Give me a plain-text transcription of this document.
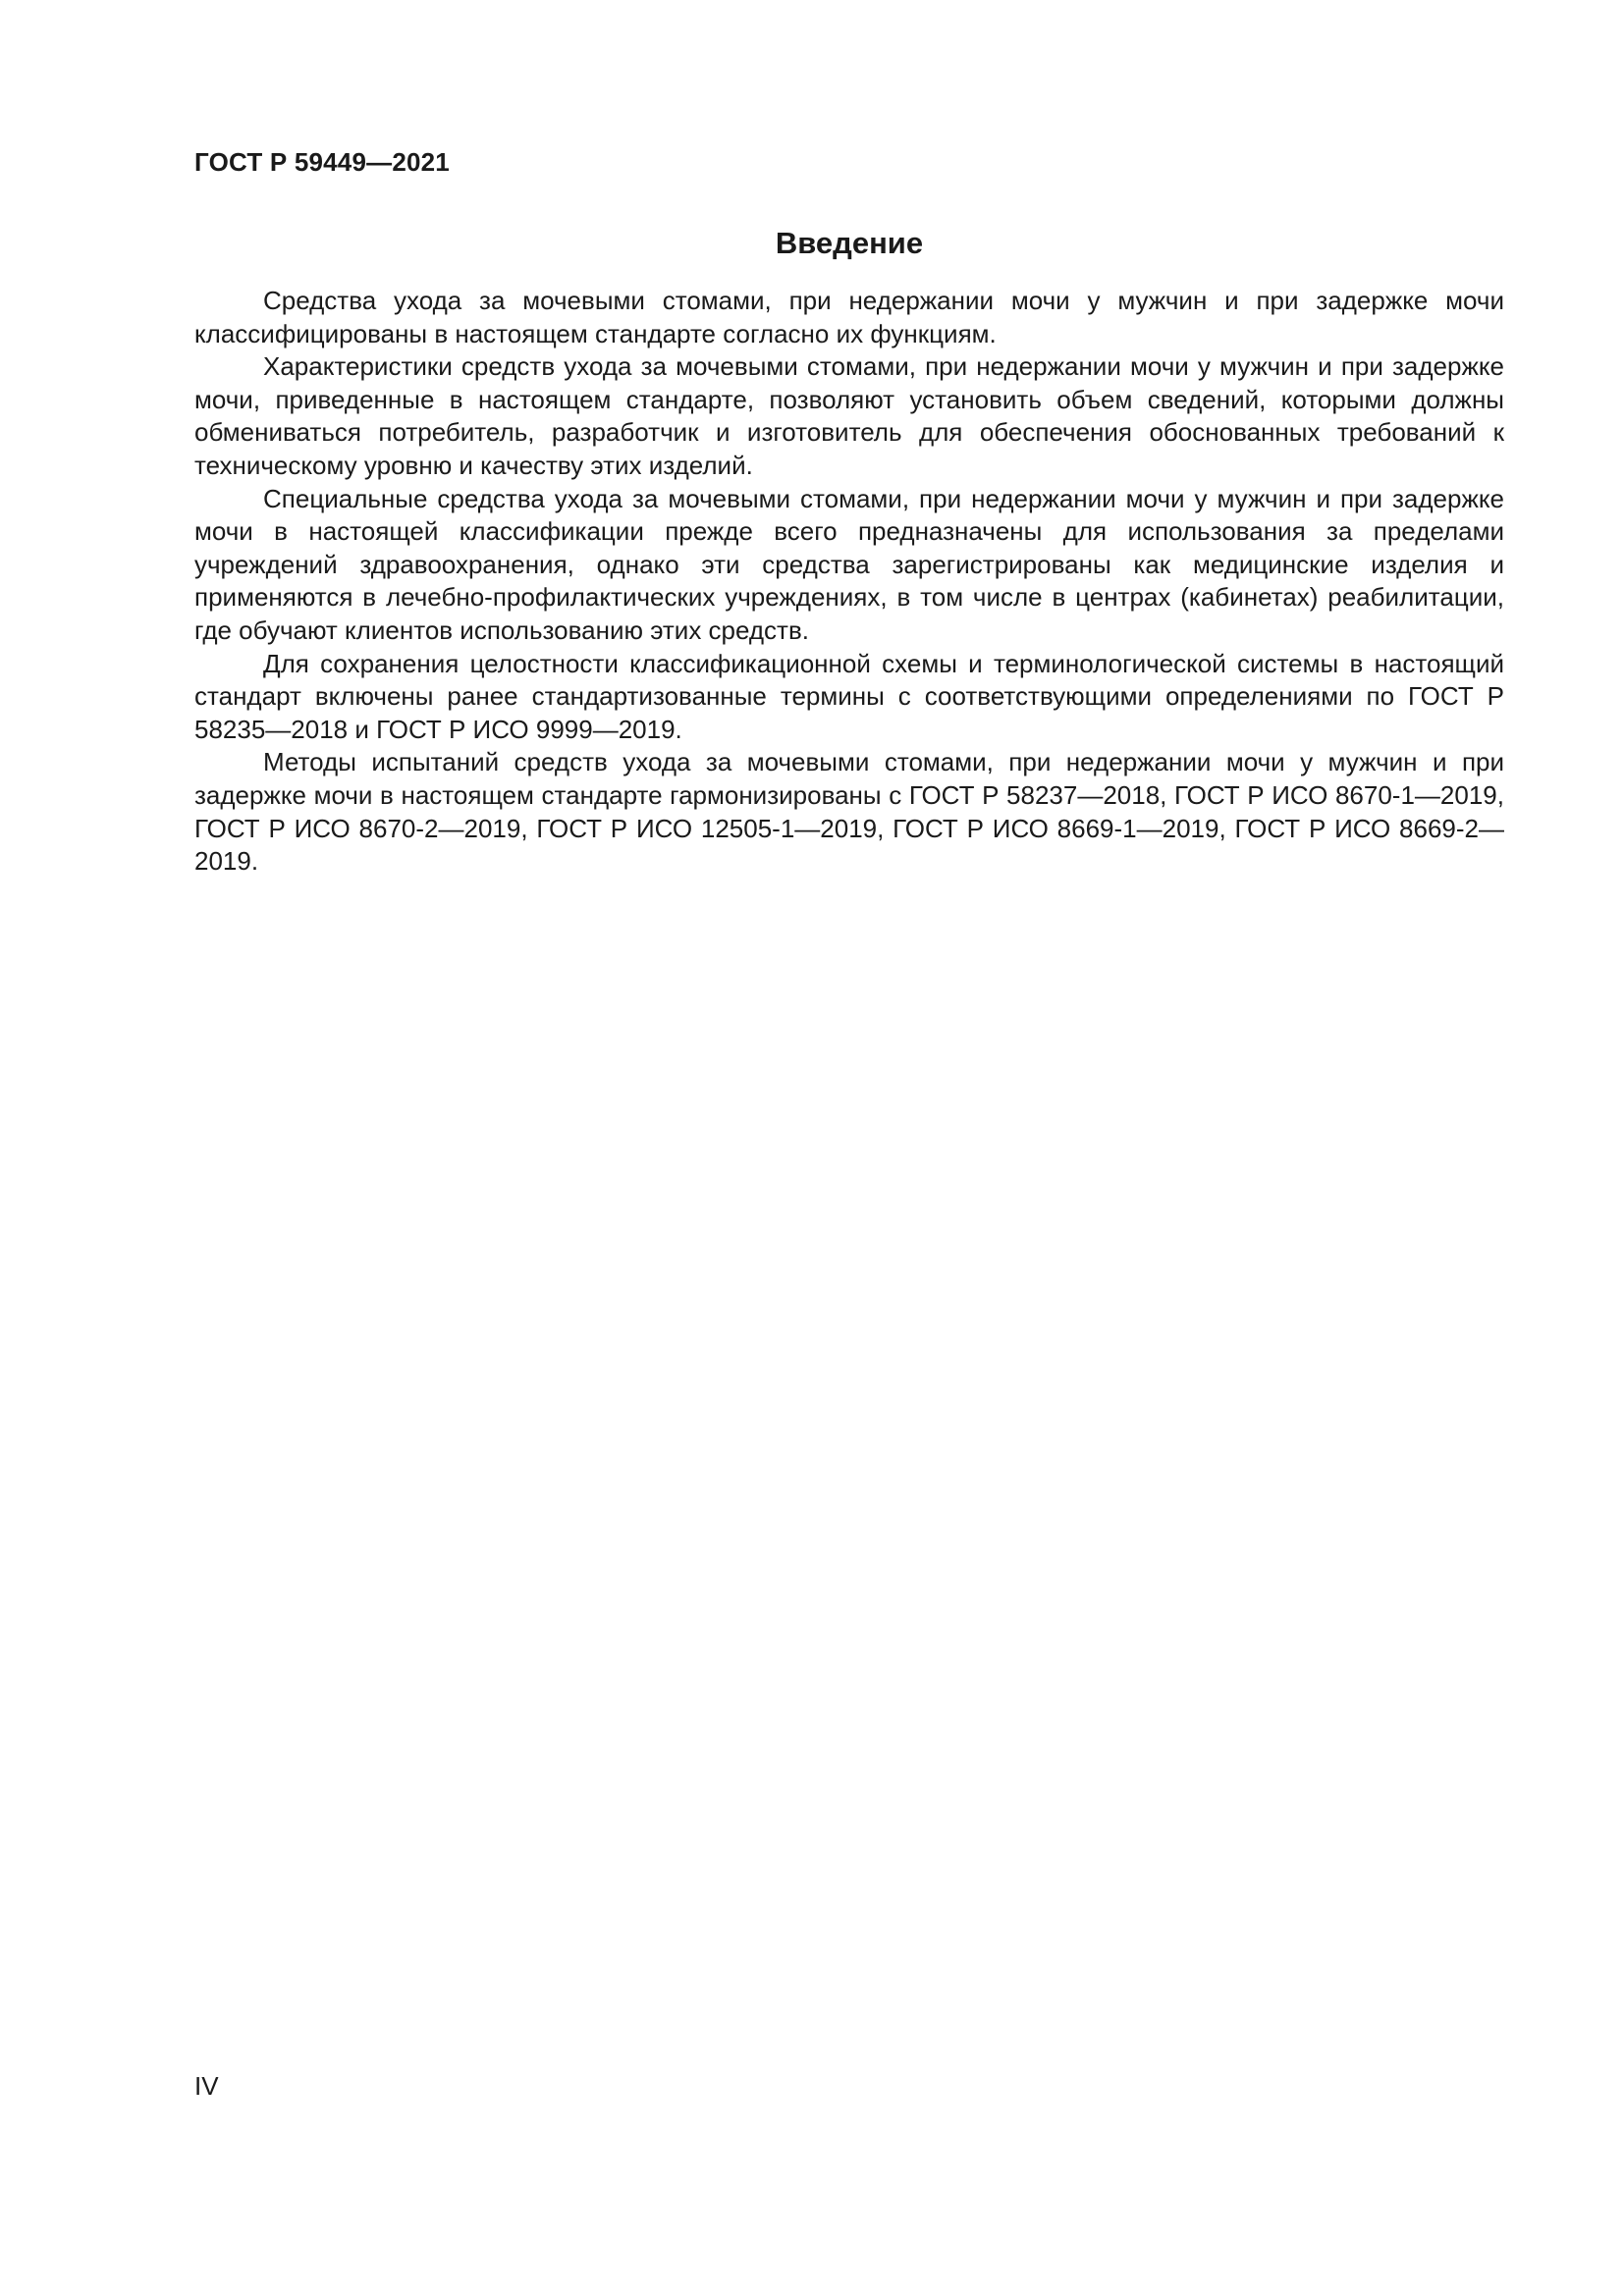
ГОСТ Р 59449—2021
Введение

Средства ухода за мочевыми стомами, при недержании мочи у мужчин и при задержке мочи классифицированы в настоящем стандарте согласно их функциям.

Характеристики средств ухода за мочевыми стомами, при недержании мочи у мужчин и при задержке мочи, приведенные в настоящем стандарте, позволяют установить объем сведений, которыми должны обмениваться потребитель, разработчик и изготовитель для обеспечения обоснованных требований к техническому уровню и качеству этих изделий.

Специальные средства ухода за мочевыми стомами, при недержании мочи у мужчин и при задержке мочи в настоящей классификации прежде всего предназначены для использования за пределами учреждений здравоохранения, однако эти средства зарегистрированы как медицинские изделия и применяются в лечебно-профилактических учреждениях, в том числе в центрах (кабинетах) реабилитации, где обучают клиентов использованию этих средств.

Для сохранения целостности классификационной схемы и терминологической системы в настоящий стандарт включены ранее стандартизованные термины с соответствующими определениями по ГОСТ Р 58235—2018 и ГОСТ Р ИСО 9999—2019.

Методы испытаний средств ухода за мочевыми стомами, при недержании мочи у мужчин и при задержке мочи в настоящем стандарте гармонизированы с ГОСТ Р 58237—2018, ГОСТ Р ИСО 8670-1—2019, ГОСТ Р ИСО 8670-2—2019, ГОСТ Р ИСО 12505-1—2019, ГОСТ Р ИСО 8669-1—2019, ГОСТ Р ИСО 8669-2—2019.

IV
